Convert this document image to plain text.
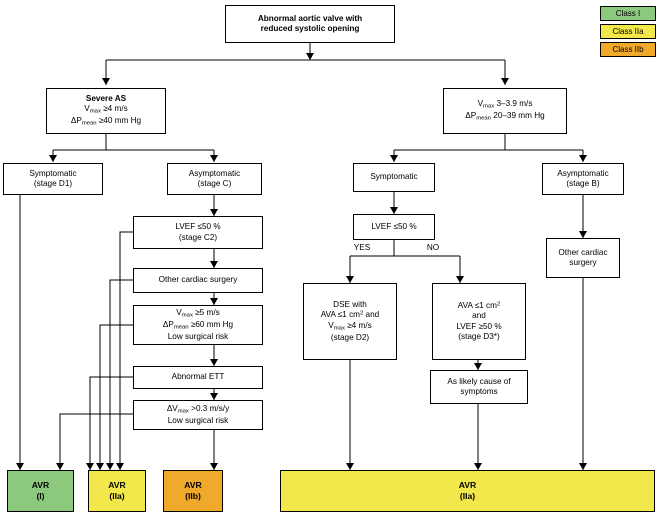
Class I
Class IIa
Class IIb
Abnormal aortic valve with
reduced systolic opening
Severe AS
$V_{max} \ge 4$ m/s
$\Delta P_{mean} \ge 40$ mm Hg
$V_{max}$ 3–3.9 m/s
$\Delta P_{mean}$ 20–39 mm Hg
Symptomatic
(stage D1)
Asymptomatic
(stage C)
LVEF ≤50 %
(stage C2)
Other cardiac surgery
$V_{max} \ge 5$ m/s
$\Delta P_{mean} \ge 60$ mm Hg
Low surgical risk
Abnormal ETT
$\Delta V_{max} >0.3$ m/s/y
Low surgical risk
Symptomatic	Asymptomatic
(stage B)
LVEF ≤50 %
Other cardiac
surgery
YES	NO
DSE with
AVA ≤1 $cm^2$ and
$V_{max} \ge 4$ m/s
(stage D2)
AVA ≤1 $cm^2$
and
LVEF ≥50 %
(stage D3*)
As likely cause of
symptoms
AVR
(I)
AVR
(IIa)
AVR
(IIb)
AVR
(IIa)
